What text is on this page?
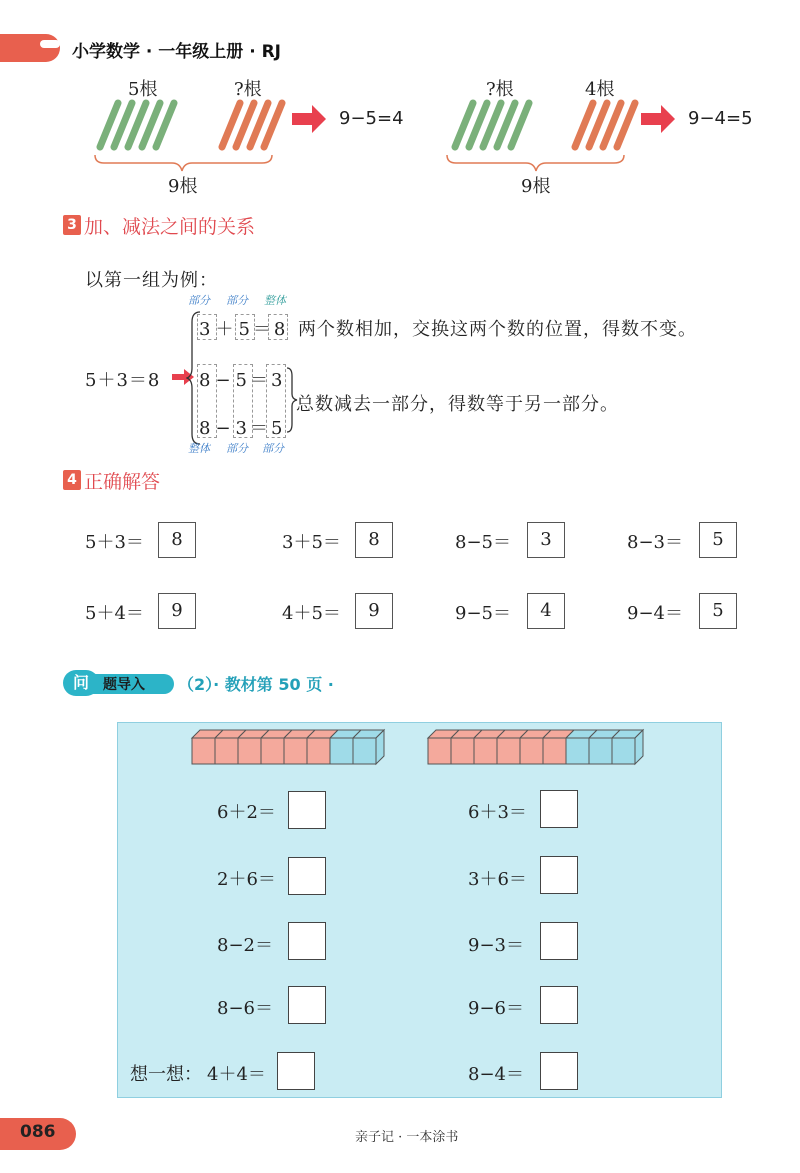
小学数学 · 一年级上册 · RJ
5根	?根	?根	4根
9−5=4	9−4=5
9根	9根
3 加、减法之间的关系
以第一组为例：
部分 部分 整体
5＋3＝8
3 ＋ 5 ＝ 8
8 − 5 ＝ 3
8 − 3 ＝ 5
两个数相加，交换这两个数的位置，得数不变。
总数减去一部分，得数等于另一部分。
整体 部分 部分
4 正确解答
5＋3＝	8	3＋5＝	8	8−5＝	3	8−3＝	5
5＋4＝	9	4＋5＝	9	9−5＝	4	9−4＝	5
问	题导入 （2）· 教材第 50 页 ·
6＋2＝
2＋6＝
8−2＝
8−6＝
想一想： 4＋4＝
6＋3＝
3＋6＝
9−3＝
9−6＝
8−4＝
086	亲子记 · 一本涂书
